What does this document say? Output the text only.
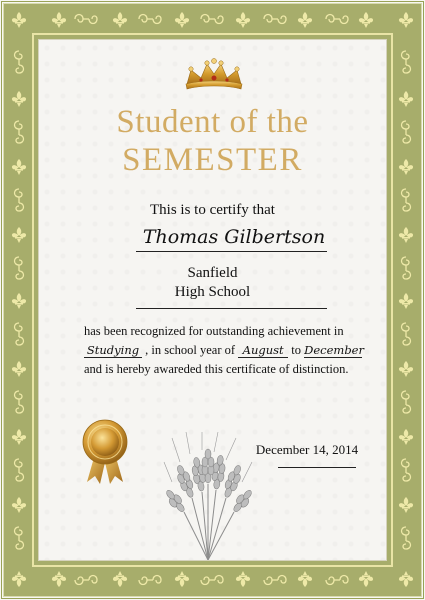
Student of the
SEMESTER
This is to certify that
Thomas Gilbertson
Sanfield
High School
has been recognized for outstanding achievement in
Studying , in school year of August to December
and is hereby awareded this certificate of distinction.
December 14, 2014
